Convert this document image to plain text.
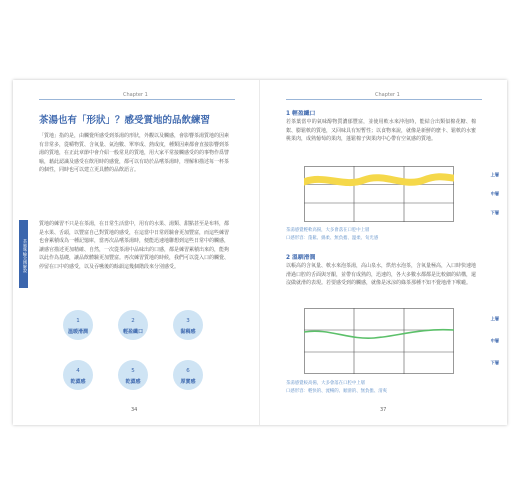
Chapter 1
茶湯也有「形狀」？感受質地的品飲練習
茶風味輪全國解說
「質地」指的是，由觸覺所感受到茶湯的形狀，外觀以及觸感，會影響茶湯質地的因素有非常多，從嚼物質、含氧量、氣泡數、單寧成、熱成度，種類因素都會直接影響到茶湯的質地，在正此章節中會介紹一般常見的質地，用大家平常接觸感受的的事物作爲譬喻，藉此認識及感受在飲用時的感覺，都可以有助於品嚐茶湯時，理解和描述每一杯茶的個性，同時也可以建立更具體的品飲語言。
質地的練習不只是在茶湯，在日常生活當中，用有的水果、湯類、甜點甚至是布料，都是水果、舌頭，以豐富自己對質地的感受，在這當中日常經驗會更加豐富，而這些練習也會累積成為一種記憶庫，當再次品嚐茶湯時，便能迅速地聯想到這些日常中的觸感，讓感官描述更加精確、自然，一次從茶湯中品味出的口感，都是練習累積出來的，能夠以此作為基礎，讓品飲體驗更加豐富。再次練習質地的時候，我們可以從入口的觸覺、停留在口中的感受，以及吞嚥後的餘韻這幾個階段來分別感受。
1
溫暖滑潤
2
輕盈纖口
3
黏稠感
4
乾澀感
5
乾澀感
6
厚實感
34
Chapter 1
1 輕盈纖口
若茶葉當中的氣味醇物質濃郁豐富，並使用軟水來沖泡時，能結合出類似棉花糖、棉絮、膨鬆軟的質地，又回味具有短暫性；以食物來說，就像是新鮮的麼卡、鬆軟的水蜜桃果肉，成熟葡萄的果肉，蓬鬆棉子與果肉中心帶有空氣感的質地。
上層
中層
下層
茶湯感覺輕軟高揚，大多會落在口腔中上層
口感形容：蓬鬆、綿柔、無負擔、溫柔、旬光感
2 溫馴滑潤
以帳高的含氧量、軟水來泡茶湯，高山泉水，烘焙水泡茶，含氧量極高，入口時快速地滑過口腔的舌面與牙齦，並帶有成熟的，迅速的，各大多數水都都是比較細的結構，還沒做就滑的表現。若要感受到的觸感，就像是冰涼的綠茶那種不知不覺地滑下喉嚨。
上層
中層
下層
茶湯感覺較高揚，大多會落在口腔中上層
口感形容：輕快的、流暢的、順滑的、無負擔、清爽
37
